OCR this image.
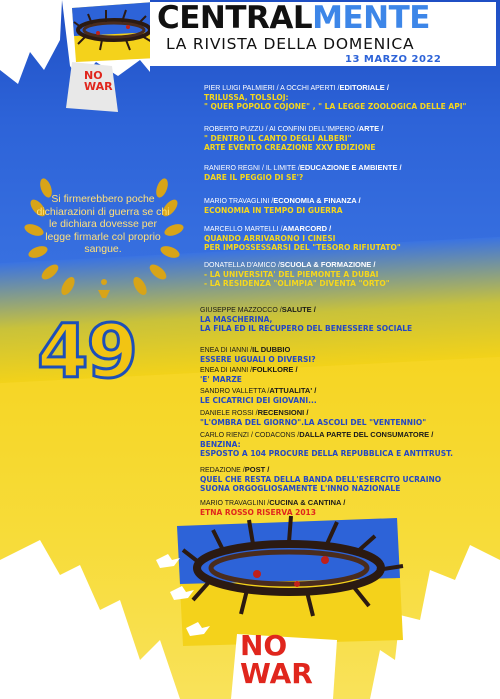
NO
WAR
CENTRALMENTE
LA RIVISTA DELLA DOMENICA
13 MARZO 2022
Si firmerebbero poche dichiarazioni di guerra se chi le dichiara dovesse per legge firmarle col proprio sangue.
49
PIER LUIGI PALMIERI / A OCCHI APERTI /EDITORIALE /
TRILUSSA, TOLSLOJ:
" QUER POPOLO COJONE" , " LA LEGGE ZOOLOGICA DELLE API"
ROBERTO PUZZU / AI CONFINI DELL'IMPERO /ARTE /
" DENTRO IL CANTO DEGLI ALBERI"
ARTE EVENTO CREAZIONE XXV EDIZIONE
RANIERO REGNI / IL LIMITE /EDUCAZIONE E AMBIENTE /
DARE IL PEGGIO DI SE'?
MARIO TRAVAGLINI /ECONOMIA & FINANZA /
ECONOMIA IN TEMPO DI GUERRA
MARCELLO MARTELLI /AMARCORD /
QUANDO ARRIVARONO I CINESI
PER IMPOSSESSARSI DEL "TESORO RIFIUTATO"
DONATELLA D'AMICO /SCUOLA & FORMAZIONE /
- LA UNIVERSITA' DEL PIEMONTE A DUBAI
- LA RESIDENZA "OLIMPIA" DIVENTA "ORTO"
GIUSEPPE MAZZOCCO /SALUTE /
LA MASCHERINA,
LA FILA ED IL RECUPERO DEL BENESSERE SOCIALE
ENEA DI IANNI /IL DUBBIO
ESSERE UGUALI O DIVERSI?
ENEA DI IANNI /FOLKLORE /
'E' MARZE
SANDRO VALLETTA /ATTUALITA' /
LE CICATRICI DEI GIOVANI...
DANIELE ROSSI /RECENSIONI /
"L'OMBRA DEL GIORNO".LA ASCOLI DEL "VENTENNIO"
CARLO RIENZI / CODACONS /DALLA PARTE DEL CONSUMATORE /
BENZINA:
ESPOSTO A 104 PROCURE DELLA REPUBBLICA E ANTITRUST.
REDAZIONE /POST /
QUEL CHE RESTA DELLA BANDA DELL'ESERCITO UCRAINO
SUONA ORGOGLIOSAMENTE L'INNO NAZIONALE
MARIO TRAVAGLINI /CUCINA & CANTINA /
ETNA ROSSO RISERVA 2013
NO
WAR
